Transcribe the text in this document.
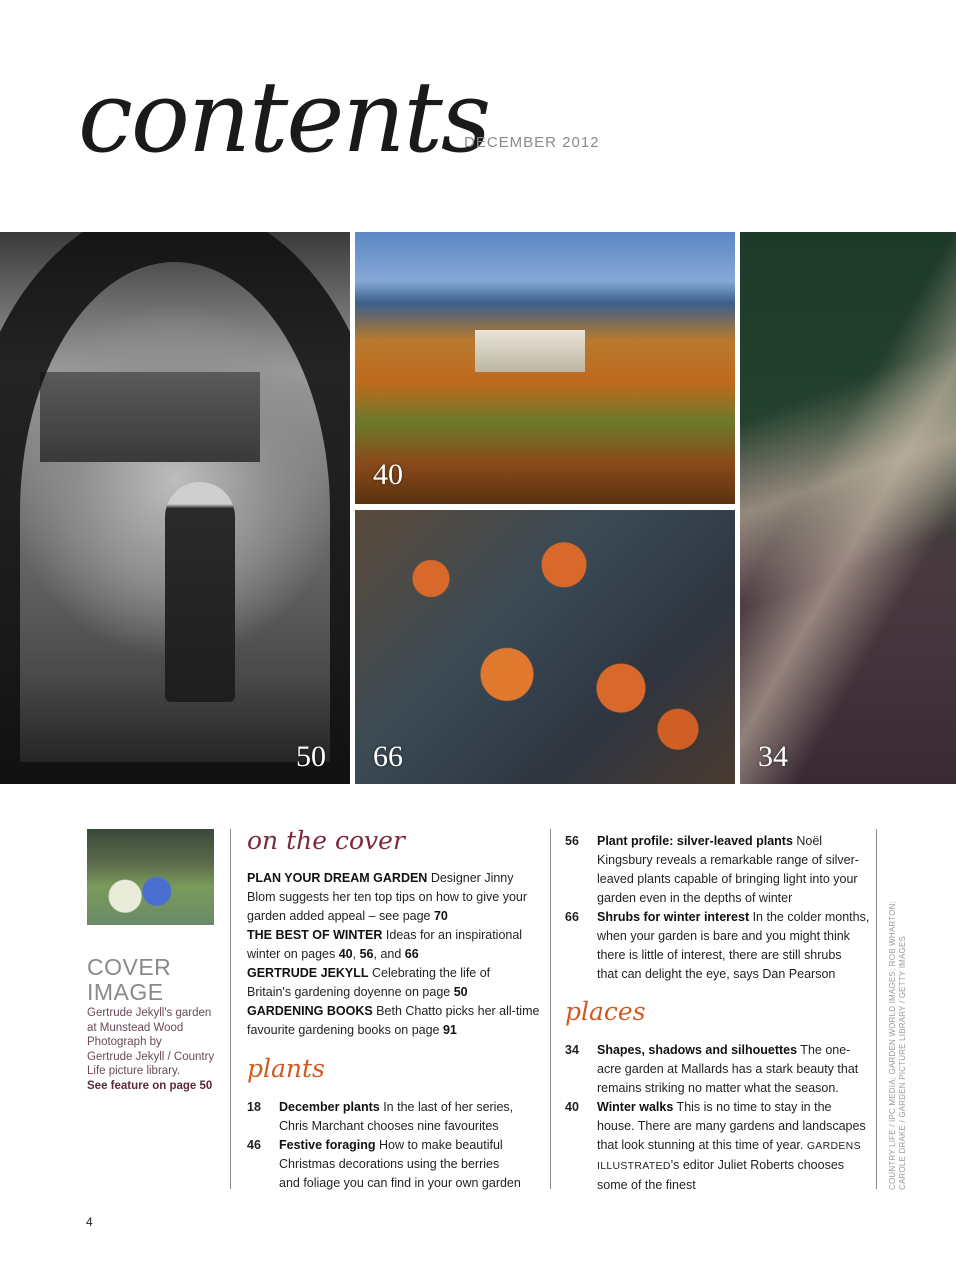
contents
DECEMBER 2012
50
40
66	34
COVER
IMAGE
Gertrude Jekyll's garden
at Munstead Wood
Photograph by
Gertrude Jekyll / Country
Life picture library.
See feature on page 50
on the cover
PLAN YOUR DREAM GARDEN Designer Jinny
Blom suggests her ten top tips on how to give your
garden added appeal – see page 70
THE BEST OF WINTER Ideas for an inspirational
winter on pages 40, 56, and 66
GERTRUDE JEKYLL Celebrating the life of
Britain's gardening doyenne on page 50
GARDENING BOOKS Beth Chatto picks her all-time
favourite gardening books on page 91
plants
18 December plants In the last of her series,
Chris Marchant chooses nine favourites
46 Festive foraging How to make beautiful
Christmas decorations using the berries
and foliage you can find in your own garden
56 Plant profile: silver-leaved plants Noël
Kingsbury reveals a remarkable range of silver-
leaved plants capable of bringing light into your
garden even in the depths of winter
66 Shrubs for winter interest In the colder months,
when your garden is bare and you might think
there is little of interest, there are still shrubs
that can delight the eye, says Dan Pearson
places
34 Shapes, shadows and silhouettes The one-
acre garden at Mallards has a stark beauty that
remains striking no matter what the season.
40 Winter walks This is no time to stay in the
house. There are many gardens and landscapes
that look stunning at this time of year. GARDENS
ILLUSTRATED's editor Juliet Roberts chooses
some of the finest	COUNTRY LIFE / IPC MEDIA; GARDEN WORLD IMAGES; ROB WHARTON; CAROLE DRAKE / GARDEN PICTURE LIBRARY / GETTY IMAGES
4
